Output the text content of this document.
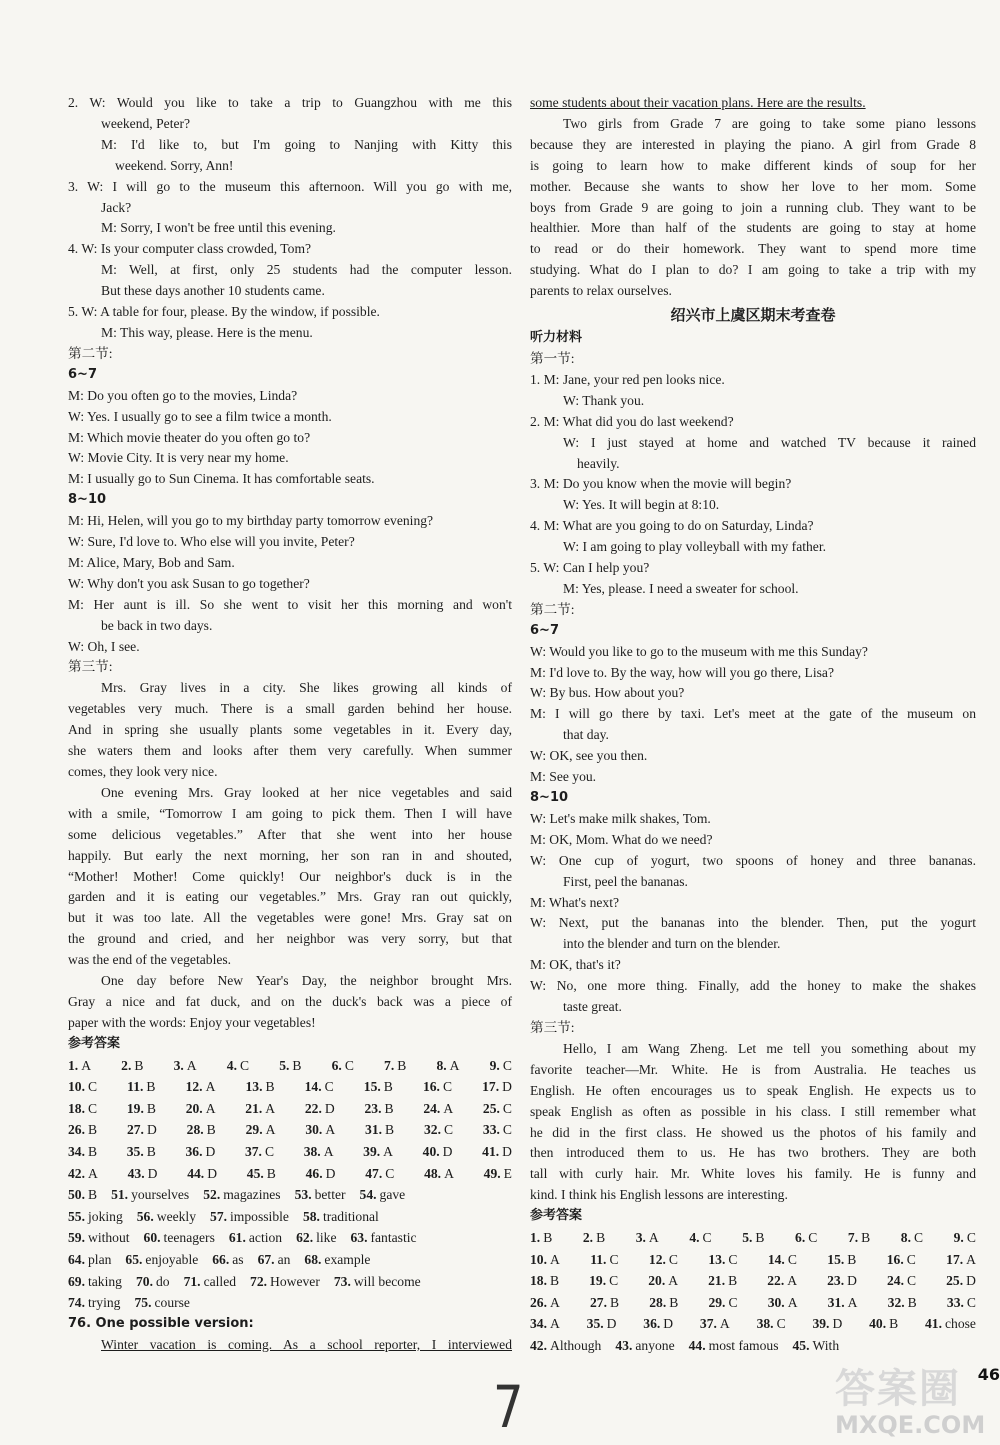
2. W: Would you like to take a trip to Guangzhou with me this
weekend, Peter?
M: I'd like to, but I'm going to Nanjing with Kitty this
weekend. Sorry, Ann!
3. W: I will go to the museum this afternoon. Will you go with me,
Jack?
M: Sorry, I won't be free until this evening.
4. W: Is your computer class crowded, Tom?
M: Well, at first, only 25 students had the computer lesson.
But these days another 10 students came.
5. W: A table for four, please. By the window, if possible.
M: This way, please. Here is the menu.
第二节:
6~7
M: Do you often go to the movies, Linda?
W: Yes. I usually go to see a film twice a month.
M: Which movie theater do you often go to?
W: Movie City. It is very near my home.
M: I usually go to Sun Cinema. It has comfortable seats.
8~10
M: Hi, Helen, will you go to my birthday party tomorrow evening?
W: Sure, I'd love to. Who else will you invite, Peter?
M: Alice, Mary, Bob and Sam.
W: Why don't you ask Susan to go together?
M: Her aunt is ill. So she went to visit her this morning and won't
be back in two days.
W: Oh, I see.
第三节:
Mrs. Gray lives in a city. She likes growing all kinds of
vegetables very much. There is a small garden behind her house.
And in spring she usually plants some vegetables in it. Every day,
she waters them and looks after them very carefully. When summer
comes, they look very nice.
One evening Mrs. Gray looked at her nice vegetables and said
with a smile, “Tomorrow I am going to pick them. Then I will have
some delicious vegetables.” After that she went into her house
happily. But early the next morning, her son ran in and shouted,
“Mother! Mother! Come quickly! Our neighbor's duck is in the
garden and it is eating our vegetables.” Mrs. Gray ran out quickly,
but it was too late. All the vegetables were gone! Mrs. Gray sat on
the ground and cried, and her neighbor was very sorry, but that
was the end of the vegetables.
One day before New Year's Day, the neighbor brought Mrs.
Gray a nice and fat duck, and on the duck's back was a piece of
paper with the words: Enjoy your vegetables!
参考答案
1. A 2. B 3. A 4. C 5. B 6. C 7. B 8. A 9. C
10. C 11. B 12. A 13. B 14. C 15. B 16. C 17. D
18. C 19. B 20. A 21. A 22. D 23. B 24. A 25. C
26. B 27. D 28. B 29. A 30. A 31. B 32. C 33. C
34. B 35. B 36. D 37. C 38. A 39. A 40. D 41. D
42. A 43. D 44. D 45. B 46. D 47. C 48. A 49. E
50. B 51. yourselves 52. magazines 53. better 54. gave
55. joking 56. weekly 57. impossible 58. traditional
59. without 60. teenagers 61. action 62. like 63. fantastic
64. plan 65. enjoyable 66. as 67. an 68. example
69. taking 70. do 71. called 72. However 73. will become
74. trying 75. course
76. One possible version:
Winter vacation is coming. As a school reporter, I interviewed
some students about their vacation plans. Here are the results.
Two girls from Grade 7 are going to take some piano lessons
because they are interested in playing the piano. A girl from Grade 8
is going to learn how to make different kinds of soup for her
mother. Because she wants to show her love to her mom. Some
boys from Grade 9 are going to join a running club. They want to be
healthier. More than half of the students are going to stay at home
to read or do their homework. They want to spend more time
studying. What do I plan to do? I am going to take a trip with my
parents to relax ourselves.
绍兴市上虞区期末考查卷
听力材料
第一节:
1. M: Jane, your red pen looks nice.
W: Thank you.
2. M: What did you do last weekend?
W: I just stayed at home and watched TV because it rained
heavily.
3. M: Do you know when the movie will begin?
W: Yes. It will begin at 8:10.
4. M: What are you going to do on Saturday, Linda?
W: I am going to play volleyball with my father.
5. W: Can I help you?
M: Yes, please. I need a sweater for school.
第二节:
6~7
W: Would you like to go to the museum with me this Sunday?
M: I'd love to. By the way, how will you go there, Lisa?
W: By bus. How about you?
M: I will go there by taxi. Let's meet at the gate of the museum on
that day.
W: OK, see you then.
M: See you.
8~10
W: Let's make milk shakes, Tom.
M: OK, Mom. What do we need?
W: One cup of yogurt, two spoons of honey and three bananas.
First, peel the bananas.
M: What's next?
W: Next, put the bananas into the blender. Then, put the yogurt
into the blender and turn on the blender.
M: OK, that's it?
W: No, one more thing. Finally, add the honey to make the shakes
taste great.
第三节:
Hello, I am Wang Zheng. Let me tell you something about my
favorite teacher—Mr. White. He is from Australia. He teaches us
English. He often encourages us to speak English. He expects us to
speak English as often as possible in his class. I still remember what
he did in the first class. He showed us the photos of his family and
then introduced them to us. He has two brothers. They are both
tall with curly hair. Mr. White loves his family. He is funny and
kind. I think his English lessons are interesting.
参考答案
1. B 2. B 3. A 4. C 5. B 6. C 7. B 8. C 9. C
10. A 11. C 12. C 13. C 14. C 15. B 16. C 17. A
18. B 19. C 20. A 21. B 22. A 23. D 24. C 25. D
26. A 27. B 28. B 29. C 30. A 31. A 32. B 33. C
34. A 35. D 36. D 37. A 38. C 39. D 40. B 41. chose
42. Although 43. anyone 44. most famous 45. With
7	答案圈
MXQE.COM
46
